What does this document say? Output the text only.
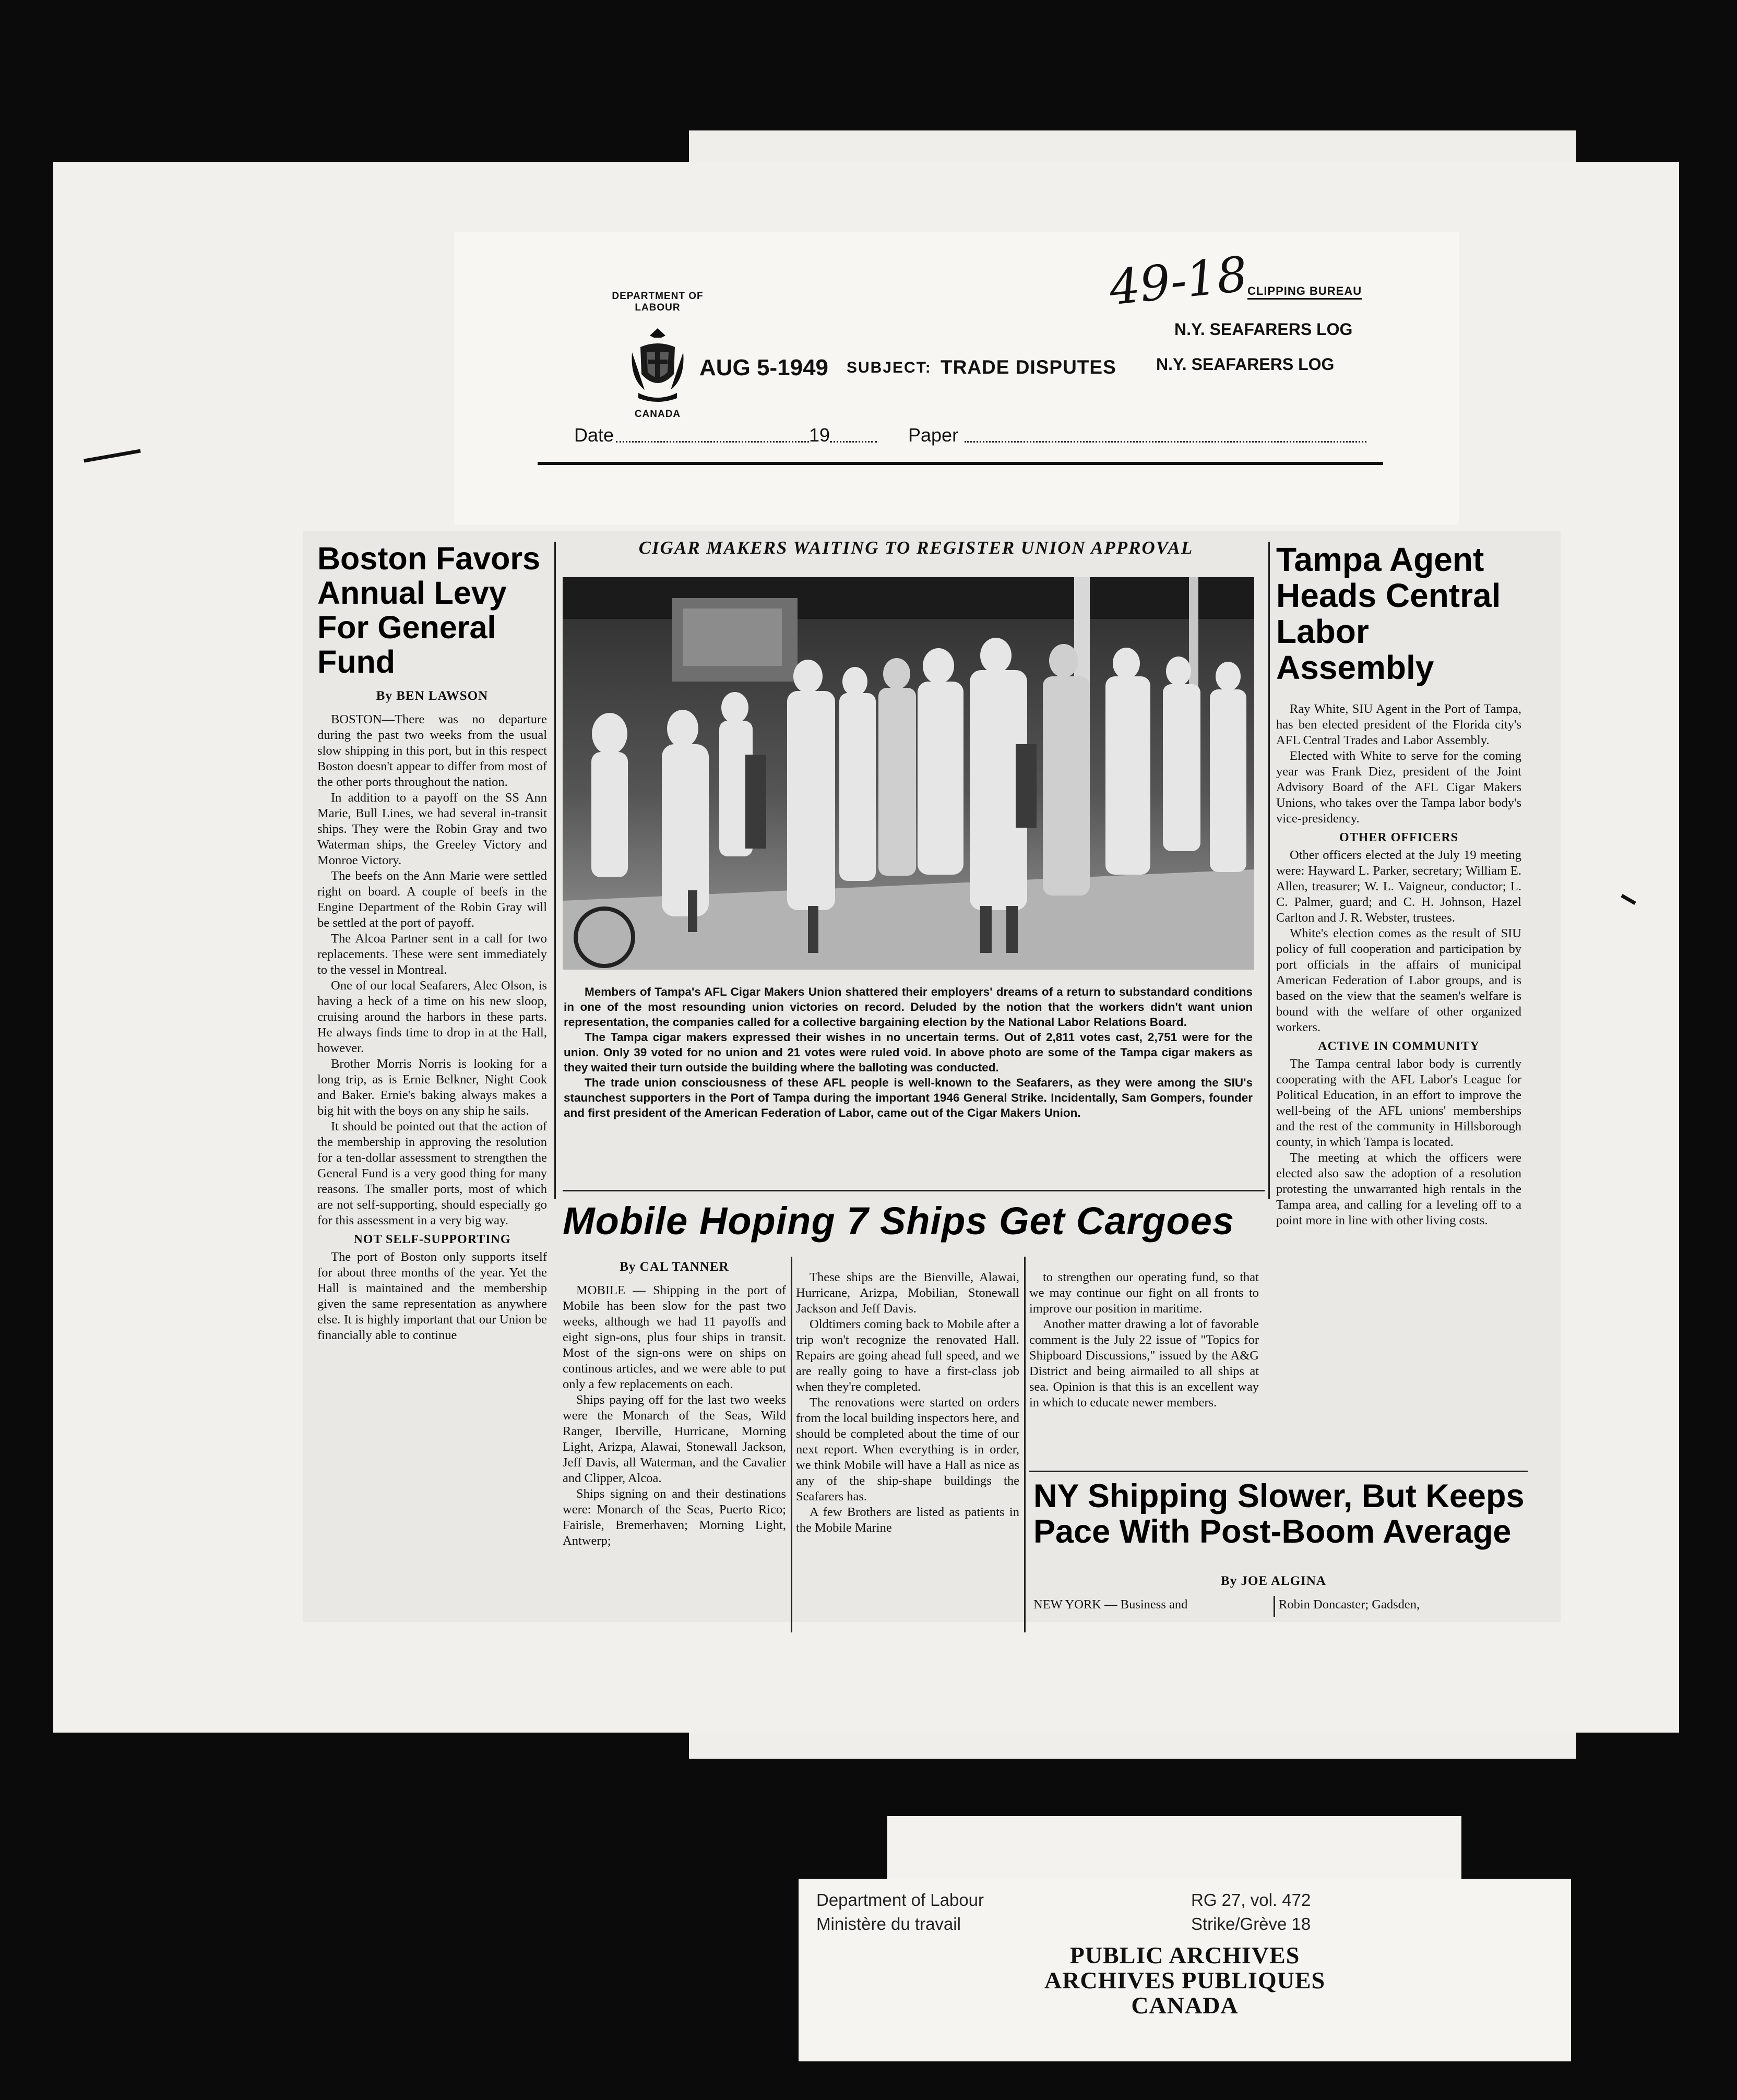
DEPARTMENT OF LABOUR
CANADA
AUG 5-1949 SUBJECT: TRADE DISPUTES
49-18
CLIPPING BUREAU
N.Y. SEAFARERS LOG
N.Y. SEAFARERS LOG
Date	19	Paper
Boston Favors Annual Levy For General Fund
By BEN LAWSON

BOSTON—There was no departure during the past two weeks from the usual slow shipping in this port, but in this respect Boston doesn't appear to differ from most of the other ports throughout the nation.

In addition to a payoff on the SS Ann Marie, Bull Lines, we had several in-transit ships. They were the Robin Gray and two Waterman ships, the Greeley Victory and Monroe Victory.

The beefs on the Ann Marie were settled right on board. A couple of beefs in the Engine Department of the Robin Gray will be settled at the port of payoff.

The Alcoa Partner sent in a call for two replacements. These were sent immediately to the vessel in Montreal.

One of our local Seafarers, Alec Olson, is having a heck of a time on his new sloop, cruising around the harbors in these parts. He always finds time to drop in at the Hall, however.

Brother Morris Norris is looking for a long trip, as is Ernie Belkner, Night Cook and Baker. Ernie's baking always makes a big hit with the boys on any ship he sails.

It should be pointed out that the action of the membership in approving the resolution for a ten-dollar assessment to strengthen the General Fund is a very good thing for many reasons. The smaller ports, most of which are not self-supporting, should especially go for this assessment in a very big way.

NOT SELF-SUPPORTING

The port of Boston only supports itself for about three months of the year. Yet the Hall is maintained and the membership given the same representation as anywhere else. It is highly important that our Union be financially able to continue

CIGAR MAKERS WAITING TO REGISTER UNION APPROVAL

Members of Tampa's AFL Cigar Makers Union shattered their employers' dreams of a return to substandard conditions in one of the most resounding union victories on record. Deluded by the notion that the workers didn't want union representation, the companies called for a collective bargaining election by the National Labor Relations Board.

The Tampa cigar makers expressed their wishes in no uncertain terms. Out of 2,811 votes cast, 2,751 were for the union. Only 39 voted for no union and 21 votes were ruled void. In above photo are some of the Tampa cigar makers as they waited their turn outside the building where the balloting was conducted.

The trade union consciousness of these AFL people is well-known to the Seafarers, as they were among the SIU's staunchest supporters in the Port of Tampa during the important 1946 General Strike. Incidentally, Sam Gompers, founder and first president of the American Federation of Labor, came out of the Cigar Makers Union.

Tampa Agent Heads Central Labor Assembly

Ray White, SIU Agent in the Port of Tampa, has ben elected president of the Florida city's AFL Central Trades and Labor Assembly.

Elected with White to serve for the coming year was Frank Diez, president of the Joint Advisory Board of the AFL Cigar Makers Unions, who takes over the Tampa labor body's vice-presidency.

OTHER OFFICERS

Other officers elected at the July 19 meeting were: Hayward L. Parker, secretary; William E. Allen, treasurer; W. L. Vaigneur, conductor; L. C. Palmer, guard; and C. H. Johnson, Hazel Carlton and J. R. Webster, trustees.

White's election comes as the result of SIU policy of full cooperation and participation by port officials in the affairs of municipal American Federation of Labor groups, and is based on the view that the seamen's welfare is bound with the welfare of other organized workers.

ACTIVE IN COMMUNITY

The Tampa central labor body is currently cooperating with the AFL Labor's League for Political Education, in an effort to improve the well-being of the AFL unions' memberships and the rest of the community in Hillsborough county, in which Tampa is located.

The meeting at which the officers were elected also saw the adoption of a resolution protesting the unwarranted high rentals in the Tampa area, and calling for a leveling off to a point more in line with other living costs.

Mobile Hoping 7 Ships Get Cargoes
By CAL TANNER

MOBILE — Shipping in the port of Mobile has been slow for the past two weeks, although we had 11 payoffs and eight sign-ons, plus four ships in transit. Most of the sign-ons were on ships on continous articles, and we were able to put only a few replacements on each.

Ships paying off for the last two weeks were the Monarch of the Seas, Wild Ranger, Iberville, Hurricane, Morning Light, Arizpa, Alawai, Stonewall Jackson, Jeff Davis, all Waterman, and the Cavalier and Clipper, Alcoa.

Ships signing on and their destinations were: Monarch of the Seas, Puerto Rico; Fairisle, Bremerhaven; Morning Light, Antwerp;

These ships are the Bienville, Alawai, Hurricane, Arizpa, Mobilian, Stonewall Jackson and Jeff Davis.

Oldtimers coming back to Mobile after a trip won't recognize the renovated Hall. Repairs are going ahead full speed, and we are really going to have a first-class job when they're completed.

The renovations were started on orders from the local building inspectors here, and should be completed about the time of our next report. When everything is in order, we think Mobile will have a Hall as nice as any of the ship-shape buildings the Seafarers has.

A few Brothers are listed as patients in the Mobile Marine

to strengthen our operating fund, so that we may continue our fight on all fronts to improve our position in maritime.

Another matter drawing a lot of favorable comment is the July 22 issue of "Topics for Shipboard Discussions," issued by the A&G District and being airmailed to all ships at sea. Opinion is that this is an excellent way in which to educate newer members.

NY Shipping Slower, But Keeps Pace With Post-Boom Average
By JOE ALGINA
NEW YORK — Business and	Robin Doncaster; Gadsden,
Department of Labour
Ministère du travail
RG 27, vol. 472
Strike/Grève 18
PUBLIC ARCHIVES
ARCHIVES PUBLIQUES
CANADA
